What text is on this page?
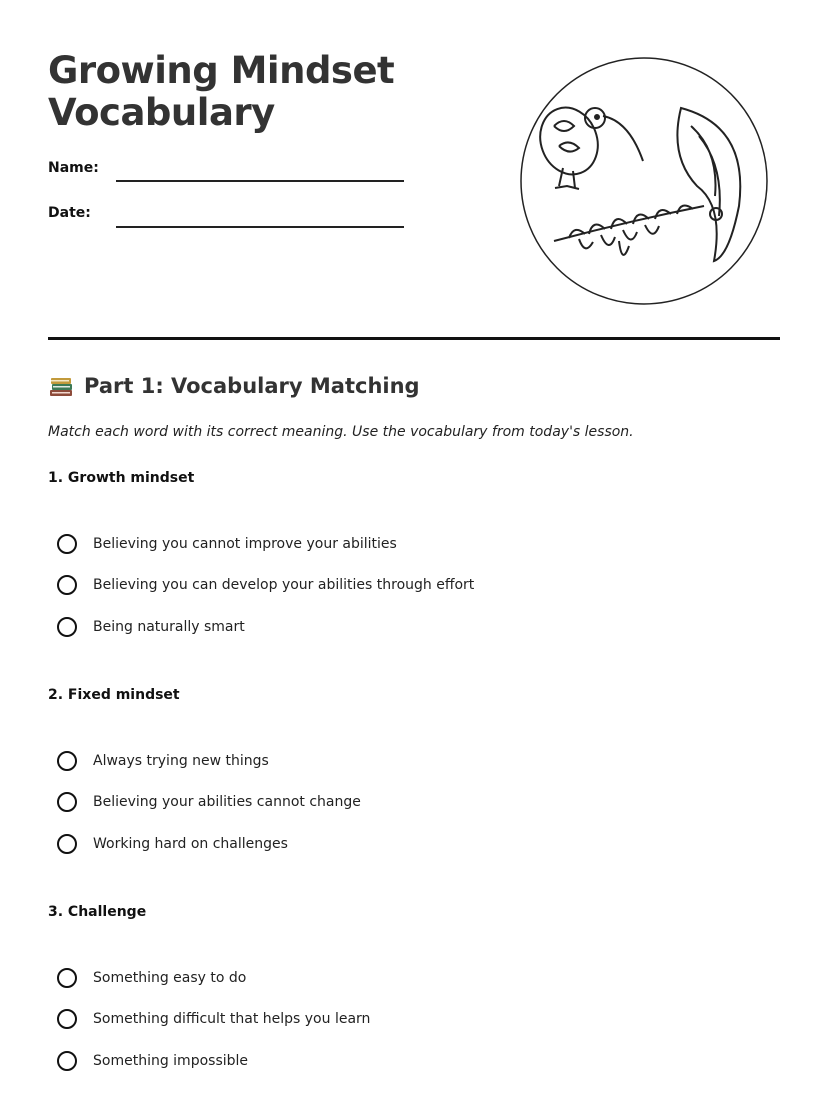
Growing Mindset
Vocabulary
Name:
Date:
Part 1: Vocabulary Matching

Match each word with its correct meaning. Use the vocabulary from today's lesson.

1. Growth mindset

Believing you cannot improve your abilities
Believing you can develop your abilities through effort
Being naturally smart

2. Fixed mindset

Always trying new things
Believing your abilities cannot change
Working hard on challenges

3. Challenge

Something easy to do
Something difficult that helps you learn
Something impossible
